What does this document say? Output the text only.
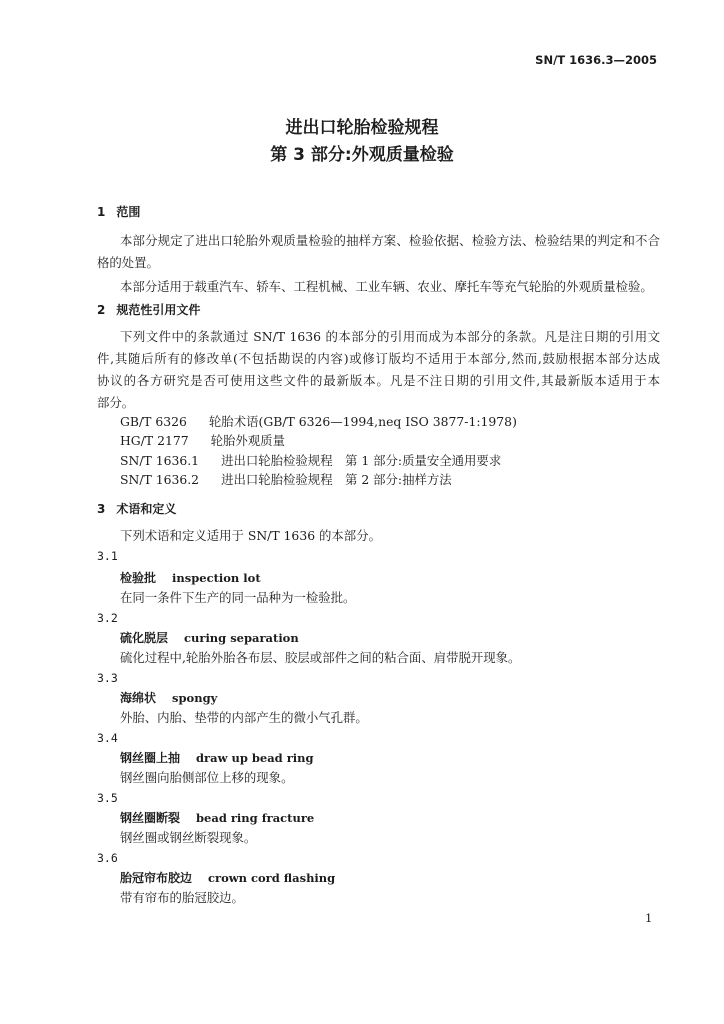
SN/T 1636.3—2005
进出口轮胎检验规程
第 3 部分:外观质量检验
1 范围
本部分规定了进出口轮胎外观质量检验的抽样方案、检验依据、检验方法、检验结果的判定和不合
格的处置。
本部分适用于载重汽车、轿车、工程机械、工业车辆、农业、摩托车等充气轮胎的外观质量检验。
2 规范性引用文件
下列文件中的条款通过 SN/T 1636 的本部分的引用而成为本部分的条款。凡是注日期的引用文
件,其随后所有的修改单(不包括勘误的内容)或修订版均不适用于本部分,然而,鼓励根据本部分达成
协议的各方研究是否可使用这些文件的最新版本。凡是不注日期的引用文件,其最新版本适用于本
部分。
GB/T 6326 轮胎术语(GB/T 6326—1994,neq ISO 3877-1:1978)
HG/T 2177 轮胎外观质量
SN/T 1636.1 进出口轮胎检验规程　第 1 部分:质量安全通用要求
SN/T 1636.2 进出口轮胎检验规程　第 2 部分:抽样方法
3 术语和定义
下列术语和定义适用于 SN/T 1636 的本部分。
3.1
检验批 inspection lot
在同一条件下生产的同一品种为一检验批。
3.2
硫化脱层 curing separation
硫化过程中,轮胎外胎各布层、胶层或部件之间的粘合面、肩带脱开现象。
3.3
海绵状 spongy
外胎、内胎、垫带的内部产生的微小气孔群。
3.4
钢丝圈上抽 draw up bead ring
钢丝圈向胎侧部位上移的现象。
3.5
钢丝圈断裂 bead ring fracture
钢丝圈或钢丝断裂现象。
3.6
胎冠帘布胶边 crown cord flashing
带有帘布的胎冠胶边。
1
